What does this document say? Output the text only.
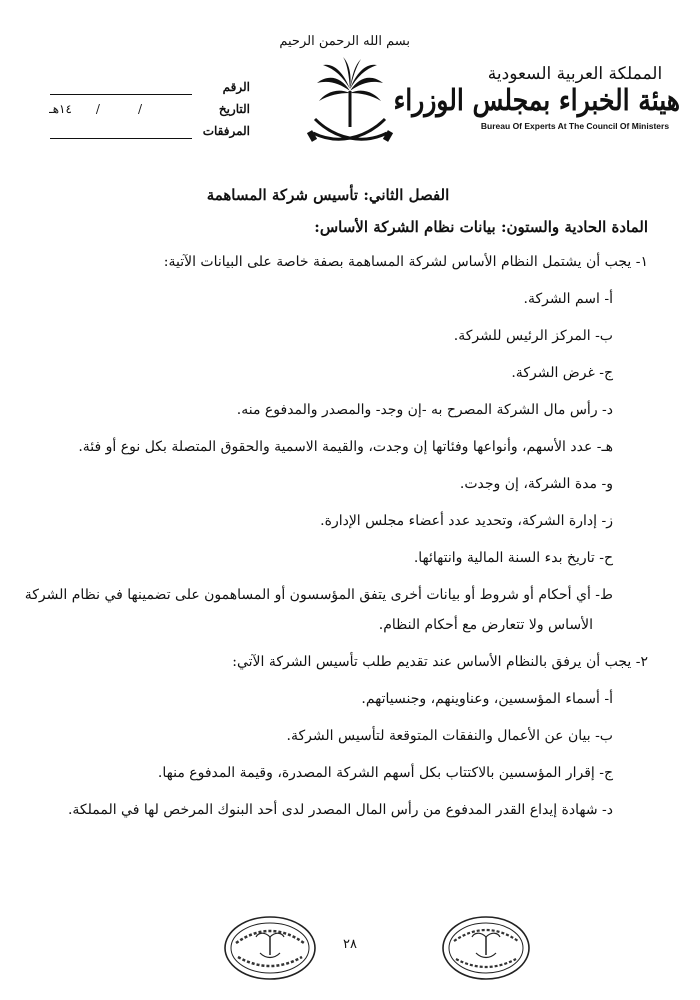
المملكة العربية السعودية
هيئة الخبراء بمجلس الوزراء
Bureau Of Experts At The Council Of Ministers
بسم الله الرحمن الرحيم
الرقم
التاريخ
//١٤هـ
المرفقات
الفصل الثاني: تأسيس شركة المساهمة
المادة الحادية والستون: بيانات نظام الشركة الأساس:
١- يجب أن يشتمل النظام الأساس لشركة المساهمة بصفة خاصة على البيانات الآتية:
أ- اسم الشركة.
ب- المركز الرئيس للشركة.
ج- غرض الشركة.
د- رأس مال الشركة المصرح به -إن وجد- والمصدر والمدفوع منه.
هـ- عدد الأسهم، وأنواعها وفئاتها إن وجدت، والقيمة الاسمية والحقوق المتصلة بكل نوع أو فئة.
و- مدة الشركة، إن وجدت.
ز- إدارة الشركة، وتحديد عدد أعضاء مجلس الإدارة.
ح- تاريخ بدء السنة المالية وانتهائها.
ط- أي أحكام أو شروط أو بيانات أخرى يتفق المؤسسون أو المساهمون على تضمينها في نظام الشركة
الأساس ولا تتعارض مع أحكام النظام.
٢- يجب أن يرفق بالنظام الأساس عند تقديم طلب تأسيس الشركة الآتي:
أ- أسماء المؤسسين، وعناوينهم، وجنسياتهم.
ب- بيان عن الأعمال والنفقات المتوقعة لتأسيس الشركة.
ج- إقرار المؤسسين بالاكتتاب بكل أسهم الشركة المصدرة، وقيمة المدفوع منها.
د- شهادة إيداع القدر المدفوع من رأس المال المصدر لدى أحد البنوك المرخص لها في المملكة.
٢٨
